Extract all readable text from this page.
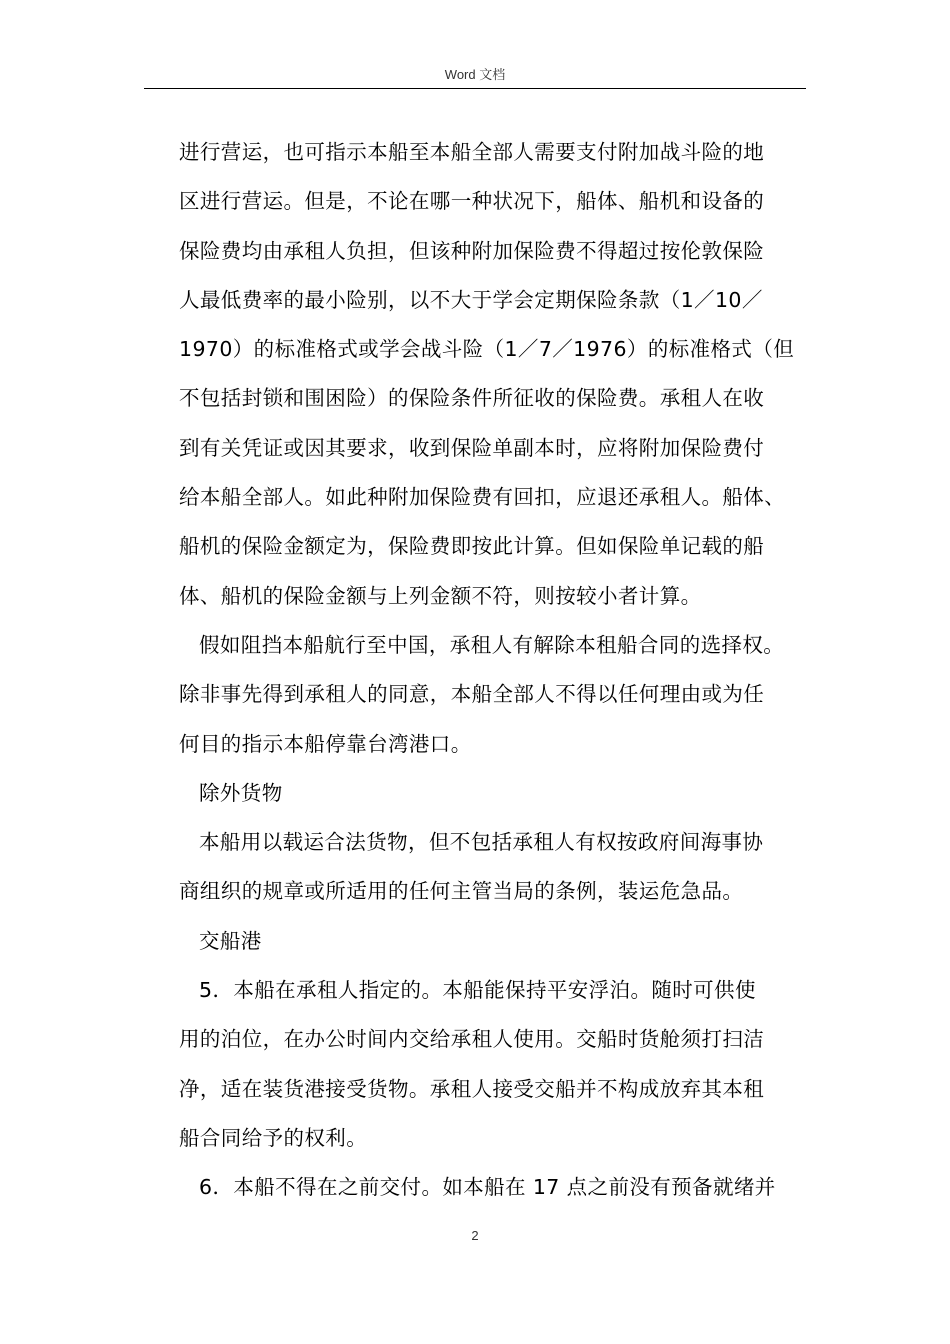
Word 文档
进行营运，也可指示本船至本船全部人需要支付附加战斗险的地
区进行营运。但是，不论在哪一种状况下，船体、船机和设备的
保险费均由承租人负担，但该种附加保险费不得超过按伦敦保险
人最低费率的最小险别，以不大于学会定期保险条款（1／10／
1970）的标准格式或学会战斗险（1／7／1976）的标准格式（但
不包括封锁和围困险）的保险条件所征收的保险费。承租人在收
到有关凭证或因其要求，收到保险单副本时，应将附加保险费付
给本船全部人。如此种附加保险费有回扣，应退还承租人。船体、
船机的保险金额定为，保险费即按此计算。但如保险单记载的船
体、船机的保险金额与上列金额不符，则按较小者计算。
假如阻挡本船航行至中国，承租人有解除本租船合同的选择权。
除非事先得到承租人的同意，本船全部人不得以任何理由或为任
何目的指示本船停靠台湾港口。
除外货物
本船用以载运合法货物，但不包括承租人有权按政府间海事协
商组织的规章或所适用的任何主管当局的条例，装运危急品。
交船港
5．本船在承租人指定的。本船能保持平安浮泊。随时可供使
用的泊位，在办公时间内交给承租人使用。交船时货舱须打扫洁
净，适在装货港接受货物。承租人接受交船并不构成放弃其本租
船合同给予的权利。
6．本船不得在之前交付。如本船在 17 点之前没有预备就绪并
2
